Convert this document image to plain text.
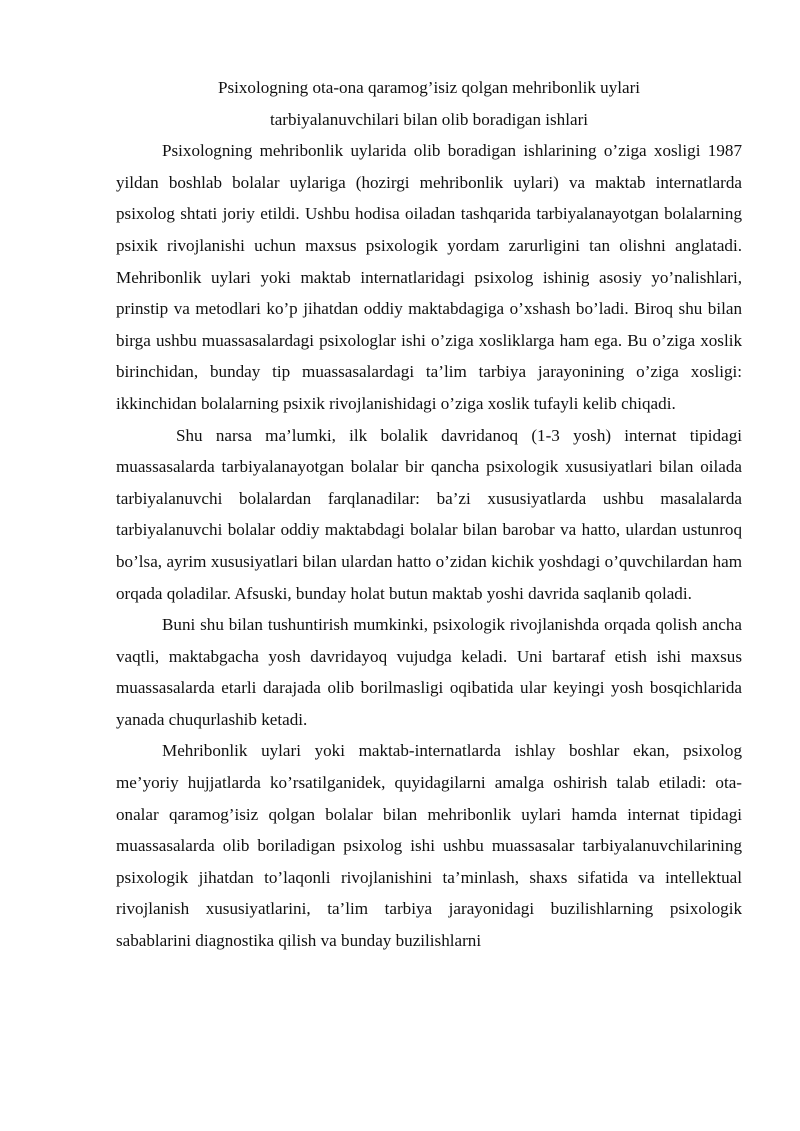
Psixologning ota-ona qaramog’isiz qolgan mehribonlik uylari
tarbiyalanuvchilari bilan olib boradigan ishlari

Psixologning mehribonlik uylarida olib boradigan ishlarining o’ziga xosligi 1987 yildan boshlab bolalar uylariga (hozirgi mehribonlik uylari) va maktab internatlarda psixolog shtati joriy etildi. Ushbu hodisa oiladan tashqarida tarbiyalanayotgan bolalarning psixik rivojlanishi uchun maxsus psixologik yordam zarurligini tan olishni anglatadi. Mehribonlik uylari yoki maktab internatlaridagi psixolog ishinig asosiy yo’nalishlari, prinstip va metodlari ko’p jihatdan oddiy maktabdagiga o’xshash bo’ladi. Biroq shu bilan birga ushbu muassasalardagi psixologlar ishi o’ziga xosliklarga ham ega. Bu o’ziga xoslik birinchidan, bunday tip muassasalardagi ta’lim tarbiya jarayonining o’ziga xosligi: ikkinchidan bolalarning psixik rivojlanishidagi o’ziga xoslik tufayli kelib chiqadi.

Shu narsa ma’lumki, ilk bolalik davridanoq (1-3 yosh) internat tipidagi muassasalarda tarbiyalanayotgan bolalar bir qancha psixologik xususiyatlari bilan oilada tarbiyalanuvchi bolalardan farqlanadilar: ba’zi xususiyatlarda ushbu masalalarda tarbiyalanuvchi bolalar oddiy maktabdagi bolalar bilan barobar va hatto, ulardan ustunroq bo’lsa, ayrim xususiyatlari bilan ulardan hatto o’zidan kichik yoshdagi o’quvchilardan ham orqada qoladilar. Afsuski, bunday holat butun maktab yoshi davrida saqlanib qoladi.

Buni shu bilan tushuntirish mumkinki, psixologik rivojlanishda orqada qolish ancha vaqtli, maktabgacha yosh davridayoq vujudga keladi. Uni bartaraf etish ishi maxsus muassasalarda etarli darajada olib borilmasligi oqibatida ular keyingi yosh bosqichlarida yanada chuqurlashib ketadi.

Mehribonlik uylari yoki maktab-internatlarda ishlay boshlar ekan, psixolog me’yoriy hujjatlarda ko’rsatilganidek, quyidagilarni amalga oshirish talab etiladi: ota-onalar qaramog’isiz qolgan bolalar bilan mehribonlik uylari hamda internat tipidagi muassasalarda olib boriladigan psixolog ishi ushbu muassasalar tarbiyalanuvchilarining psixologik jihatdan to’laqonli rivojlanishini ta’minlash, shaxs sifatida va intellektual rivojlanish xususiyatlarini, ta’lim tarbiya jarayonidagi buzilishlarning psixologik sabablarini diagnostika qilish va bunday buzilishlarni
